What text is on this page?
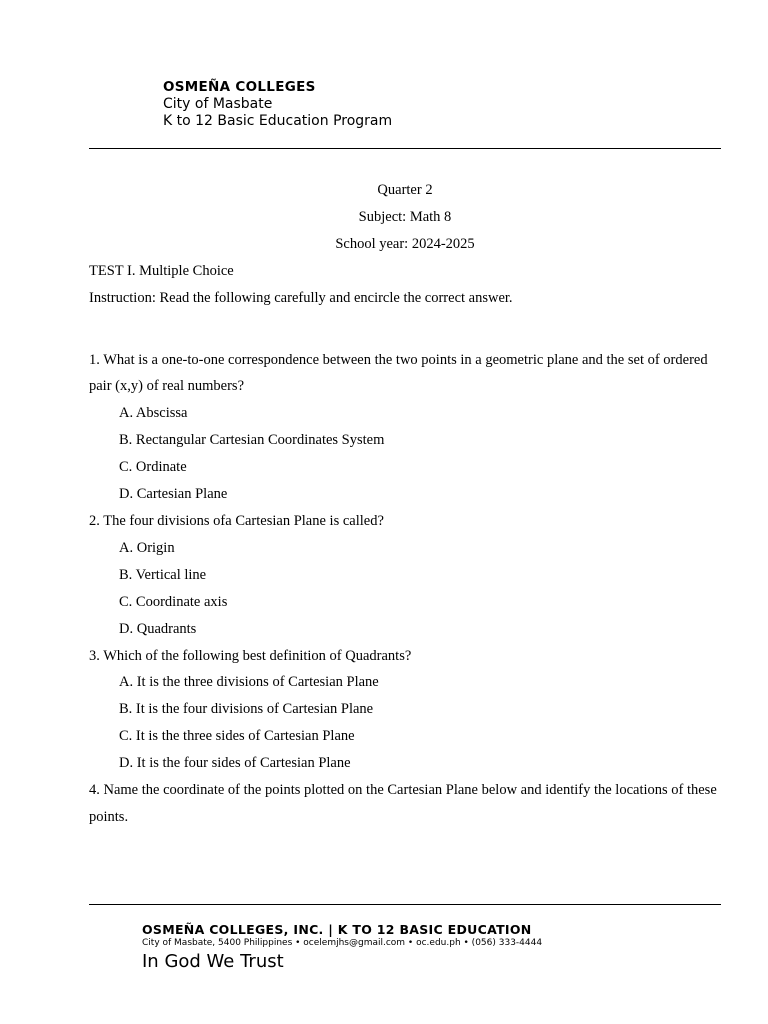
OSMEÑA COLLEGES
City of Masbate
K to 12 Basic Education Program
Quarter 2
Subject: Math 8
School year: 2024-2025
TEST I. Multiple Choice
Instruction: Read the following carefully and encircle the correct answer.
1. What is a one-to-one correspondence between the two points in a geometric plane and the set of ordered pair (x,y) of real numbers?
A. Abscissa
B. Rectangular Cartesian Coordinates System
C. Ordinate
D. Cartesian Plane
2. The four divisions ofa Cartesian Plane is called?
A. Origin
B. Vertical line
C. Coordinate axis
D. Quadrants
3. Which of the following best definition of Quadrants?
A. It is the three divisions of Cartesian Plane
B. It is the four divisions of Cartesian Plane
C. It is the three sides of Cartesian Plane
D. It is the four sides of Cartesian Plane
4. Name the coordinate of the points plotted on the Cartesian Plane below and identify the locations of these points.
OSMEÑA COLLEGES, INC. | K TO 12 BASIC EDUCATION
City of Masbate, 5400 Philippines • ocelemjhs@gmail.com • oc.edu.ph • (056) 333-4444
In God We Trust
